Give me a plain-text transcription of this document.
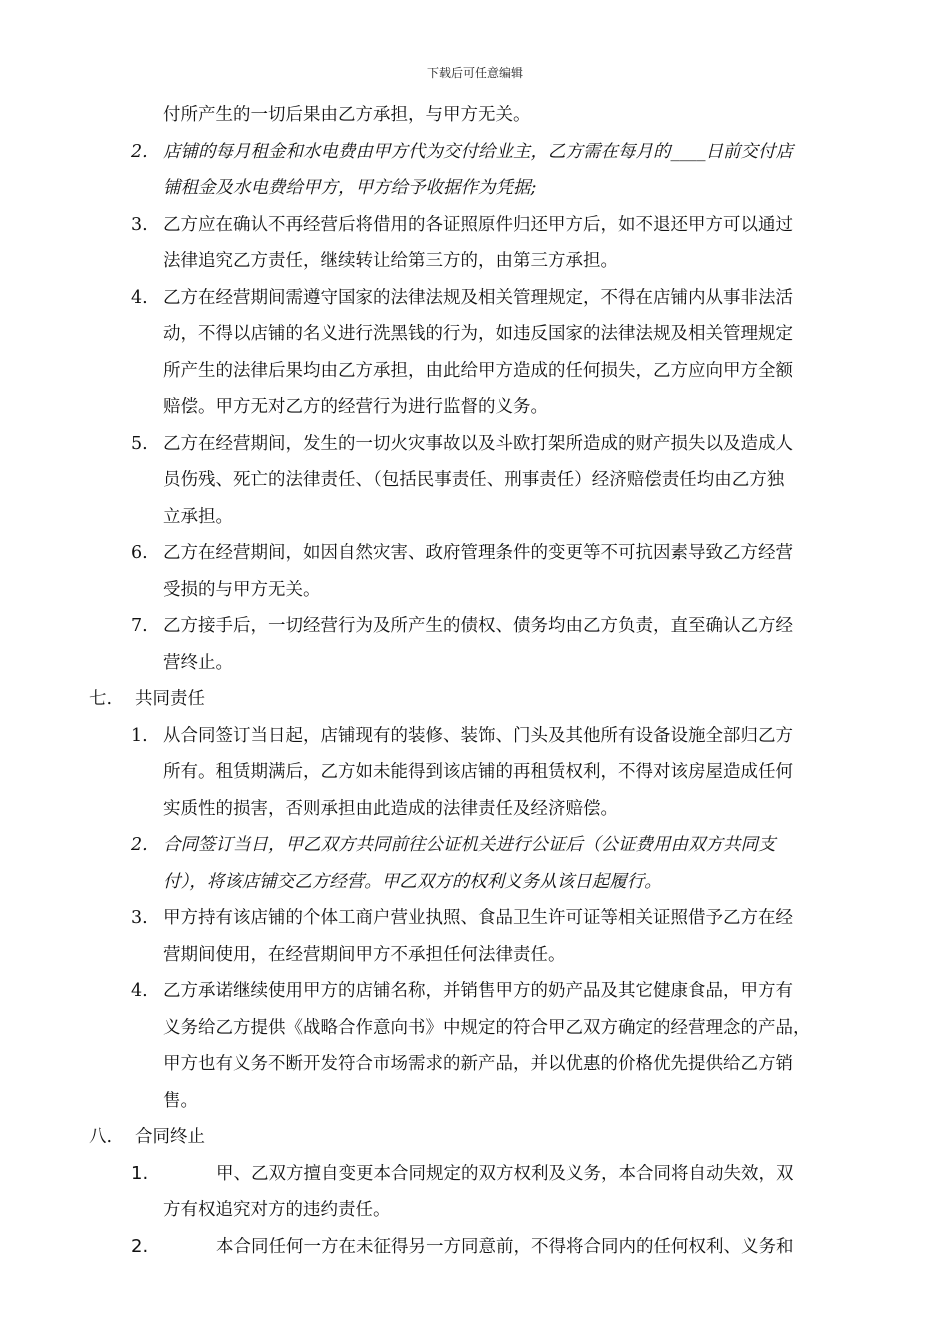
下载后可任意编辑
付所产生的一切后果由乙方承担，与甲方无关。
2. 店铺的每月租金和水电费由甲方代为交付给业主，乙方需在每月的____日前交付店
铺租金及水电费给甲方，甲方给予收据作为凭据;
3. 乙方应在确认不再经营后将借用的各证照原件归还甲方后，如不退还甲方可以通过
法律追究乙方责任，继续转让给第三方的，由第三方承担。
4. 乙方在经营期间需遵守国家的法律法规及相关管理规定，不得在店铺内从事非法活
动，不得以店铺的名义进行洗黑钱的行为，如违反国家的法律法规及相关管理规定
所产生的法律后果均由乙方承担，由此给甲方造成的任何损失，乙方应向甲方全额
赔偿。甲方无对乙方的经营行为进行监督的义务。
5. 乙方在经营期间，发生的一切火灾事故以及斗欧打架所造成的财产损失以及造成人
员伤残、死亡的法律责任、（包括民事责任、刑事责任）经济赔偿责任均由乙方独
立承担。
6. 乙方在经营期间，如因自然灾害、政府管理条件的变更等不可抗因素导致乙方经营
受损的与甲方无关。
7. 乙方接手后，一切经营行为及所产生的债权、债务均由乙方负责，直至确认乙方经
营终止。
七. 共同责任
1. 从合同签订当日起，店铺现有的装修、装饰、门头及其他所有设备设施全部归乙方
所有。租赁期满后，乙方如未能得到该店铺的再租赁权利，不得对该房屋造成任何
实质性的损害，否则承担由此造成的法律责任及经济赔偿。
2. 合同签订当日，甲乙双方共同前往公证机关进行公证后（公证费用由双方共同支
付），将该店铺交乙方经营。甲乙双方的权利义务从该日起履行。
3. 甲方持有该店铺的个体工商户营业执照、食品卫生许可证等相关证照借予乙方在经
营期间使用，在经营期间甲方不承担任何法律责任。
4. 乙方承诺继续使用甲方的店铺名称，并销售甲方的奶产品及其它健康食品，甲方有
义务给乙方提供《战略合作意向书》中规定的符合甲乙双方确定的经营理念的产品，
甲方也有义务不断开发符合市场需求的新产品，并以优惠的价格优先提供给乙方销
售。
八. 合同终止
1.	甲、乙双方擅自变更本合同规定的双方权利及义务，本合同将自动失效，双
方有权追究对方的违约责任。
2.	本合同任何一方在未征得另一方同意前，不得将合同内的任何权利、义务和
